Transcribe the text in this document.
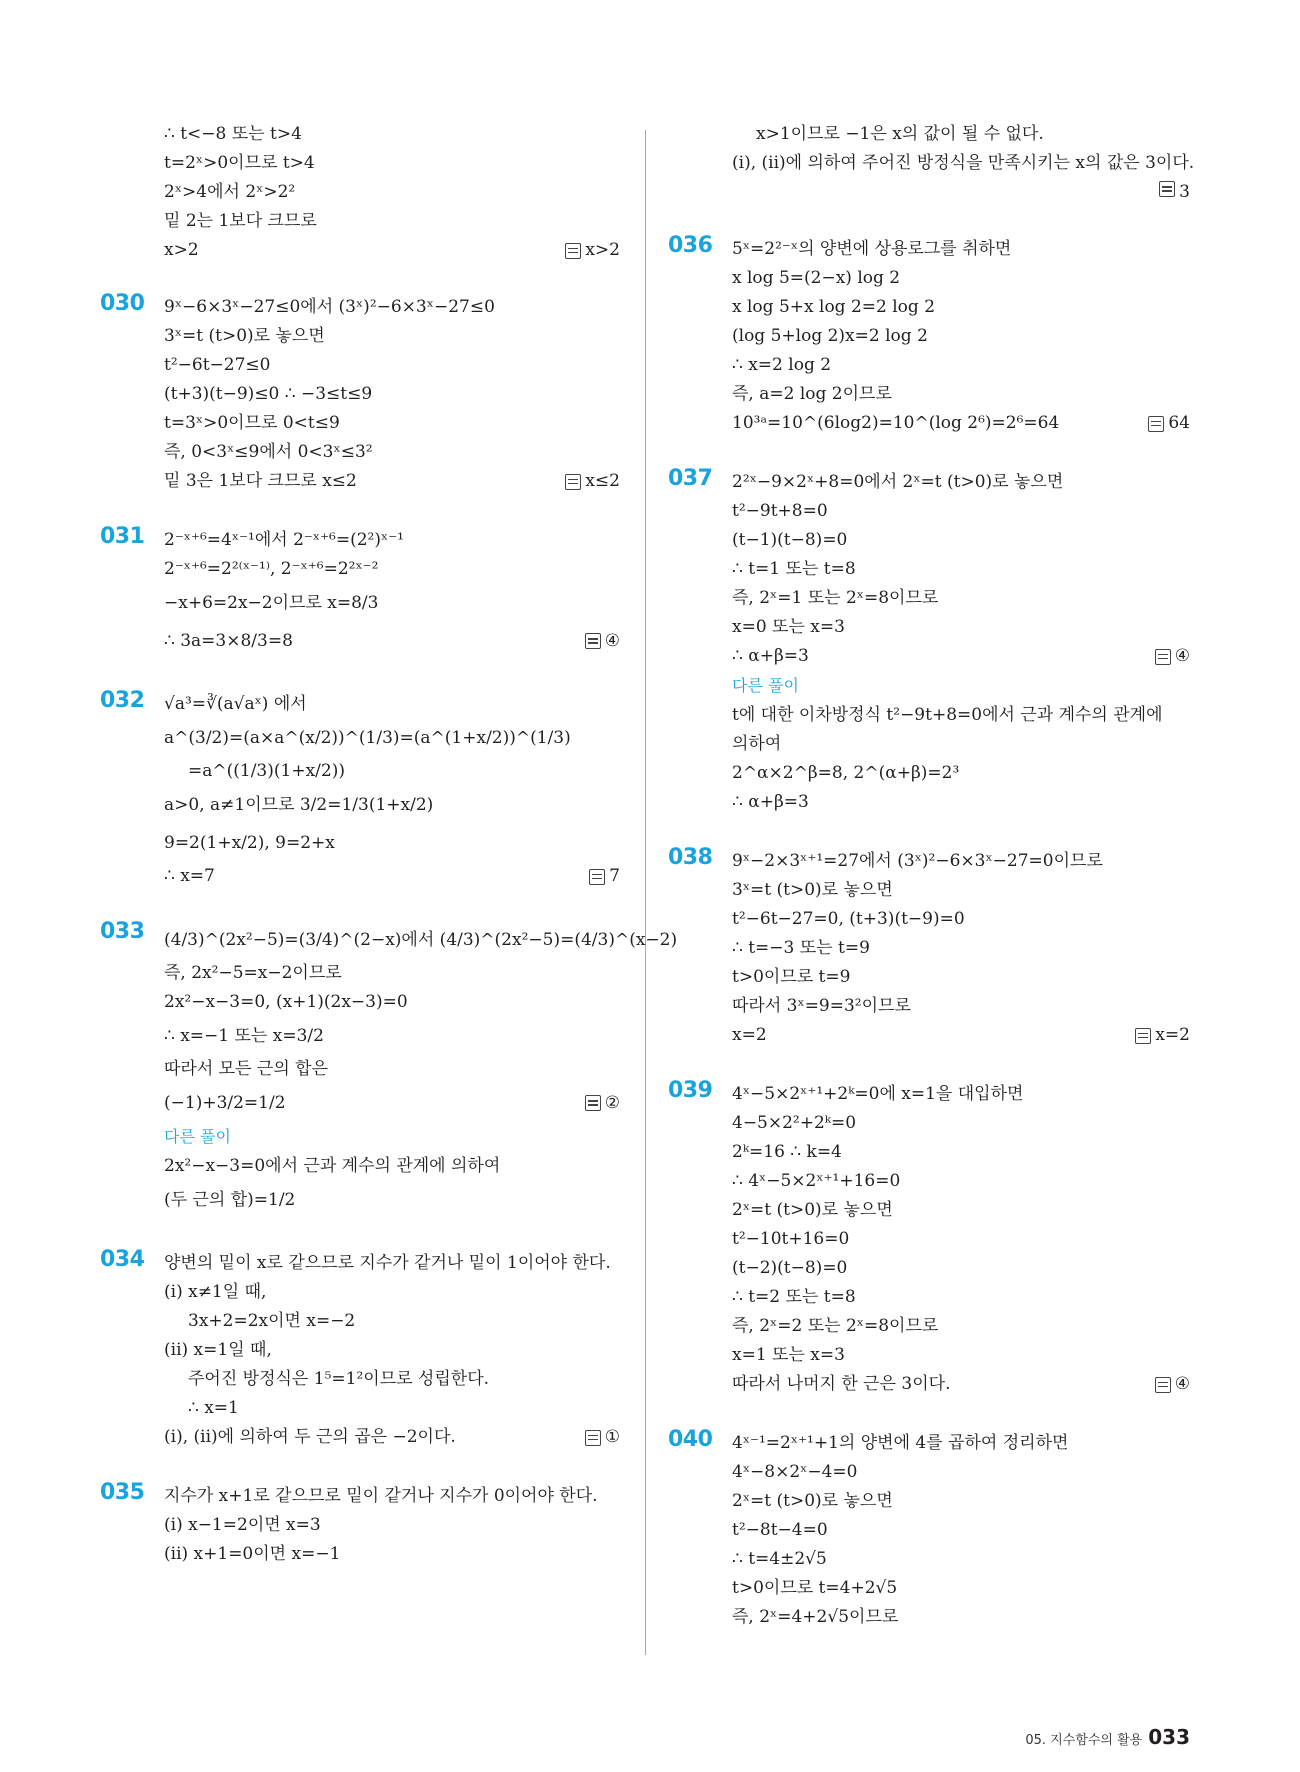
∴ t<−8 또는 t>4
t=2ˣ>0이므로 t>4
2ˣ>4에서 2ˣ>2²
밑 2는 1보다 크므로
x>2	x>2
030 9ˣ−6×3ˣ−27≤0에서 (3ˣ)²−6×3ˣ−27≤0
3ˣ=t (t>0)로 놓으면
t²−6t−27≤0
(t+3)(t−9)≤0 ∴ −3≤t≤9
t=3ˣ>0이므로 0<t≤9
즉, 0<3ˣ≤9에서 0<3ˣ≤3²
밑 3은 1보다 크므로 x≤2	x≤2
031 2⁻ˣ⁺⁶=4ˣ⁻¹에서 2⁻ˣ⁺⁶=(2²)ˣ⁻¹
2⁻ˣ⁺⁶=2²⁽ˣ⁻¹⁾, 2⁻ˣ⁺⁶=2²ˣ⁻²
−x+6=2x−2이므로 x=8/3
∴ 3a=3×8/3=8	④
032 √a³=∛(a√aˣ) 에서
a^(3/2)=(a×a^(x/2))^(1/3)=(a^(1+x/2))^(1/3)
=a^((1/3)(1+x/2))
a>0, a≠1이므로 3/2=1/3(1+x/2)
9=2(1+x/2), 9=2+x
∴ x=7	7
033 (4/3)^(2x²−5)=(3/4)^(2−x)에서 (4/3)^(2x²−5)=(4/3)^(x−2)
즉, 2x²−5=x−2이므로
2x²−x−3=0, (x+1)(2x−3)=0
∴ x=−1 또는 x=3/2
따라서 모든 근의 합은
(−1)+3/2=1/2	②
다른 풀이
2x²−x−3=0에서 근과 계수의 관계에 의하여
(두 근의 합)=1/2
034 양변의 밑이 x로 같으므로 지수가 같거나 밑이 1이어야 한다.
(i) x≠1일 때,
3x+2=2x이면 x=−2
(ii) x=1일 때,
주어진 방정식은 1⁵=1²이므로 성립한다.
∴ x=1
(i), (ii)에 의하여 두 근의 곱은 −2이다.	①
035 지수가 x+1로 같으므로 밑이 같거나 지수가 0이어야 한다.
(i) x−1=2이면 x=3
(ii) x+1=0이면 x=−1
x>1이므로 −1은 x의 값이 될 수 없다.
(i), (ii)에 의하여 주어진 방정식을 만족시키는 x의 값은 3이다.
3
036 5ˣ=2²⁻ˣ의 양변에 상용로그를 취하면
x log 5=(2−x) log 2
x log 5+x log 2=2 log 2
(log 5+log 2)x=2 log 2
∴ x=2 log 2
즉, a=2 log 2이므로
10³ᵃ=10^(6log2)=10^(log 2⁶)=2⁶=64	64
037 2²ˣ−9×2ˣ+8=0에서 2ˣ=t (t>0)로 놓으면
t²−9t+8=0
(t−1)(t−8)=0
∴ t=1 또는 t=8
즉, 2ˣ=1 또는 2ˣ=8이므로
x=0 또는 x=3
∴ α+β=3	④
다른 풀이
t에 대한 이차방정식 t²−9t+8=0에서 근과 계수의 관계에
의하여
2^α×2^β=8, 2^(α+β)=2³
∴ α+β=3
038 9ˣ−2×3ˣ⁺¹=27에서 (3ˣ)²−6×3ˣ−27=0이므로
3ˣ=t (t>0)로 놓으면
t²−6t−27=0, (t+3)(t−9)=0
∴ t=−3 또는 t=9
t>0이므로 t=9
따라서 3ˣ=9=3²이므로
x=2	x=2
039 4ˣ−5×2ˣ⁺¹+2ᵏ=0에 x=1을 대입하면
4−5×2²+2ᵏ=0
2ᵏ=16 ∴ k=4
∴ 4ˣ−5×2ˣ⁺¹+16=0
2ˣ=t (t>0)로 놓으면
t²−10t+16=0
(t−2)(t−8)=0
∴ t=2 또는 t=8
즉, 2ˣ=2 또는 2ˣ=8이므로
x=1 또는 x=3
따라서 나머지 한 근은 3이다.	④
040 4ˣ⁻¹=2ˣ⁺¹+1의 양변에 4를 곱하여 정리하면
4ˣ−8×2ˣ−4=0
2ˣ=t (t>0)로 놓으면
t²−8t−4=0
∴ t=4±2√5
t>0이므로 t=4+2√5
즉, 2ˣ=4+2√5이므로
05. 지수함수의 활용 033
